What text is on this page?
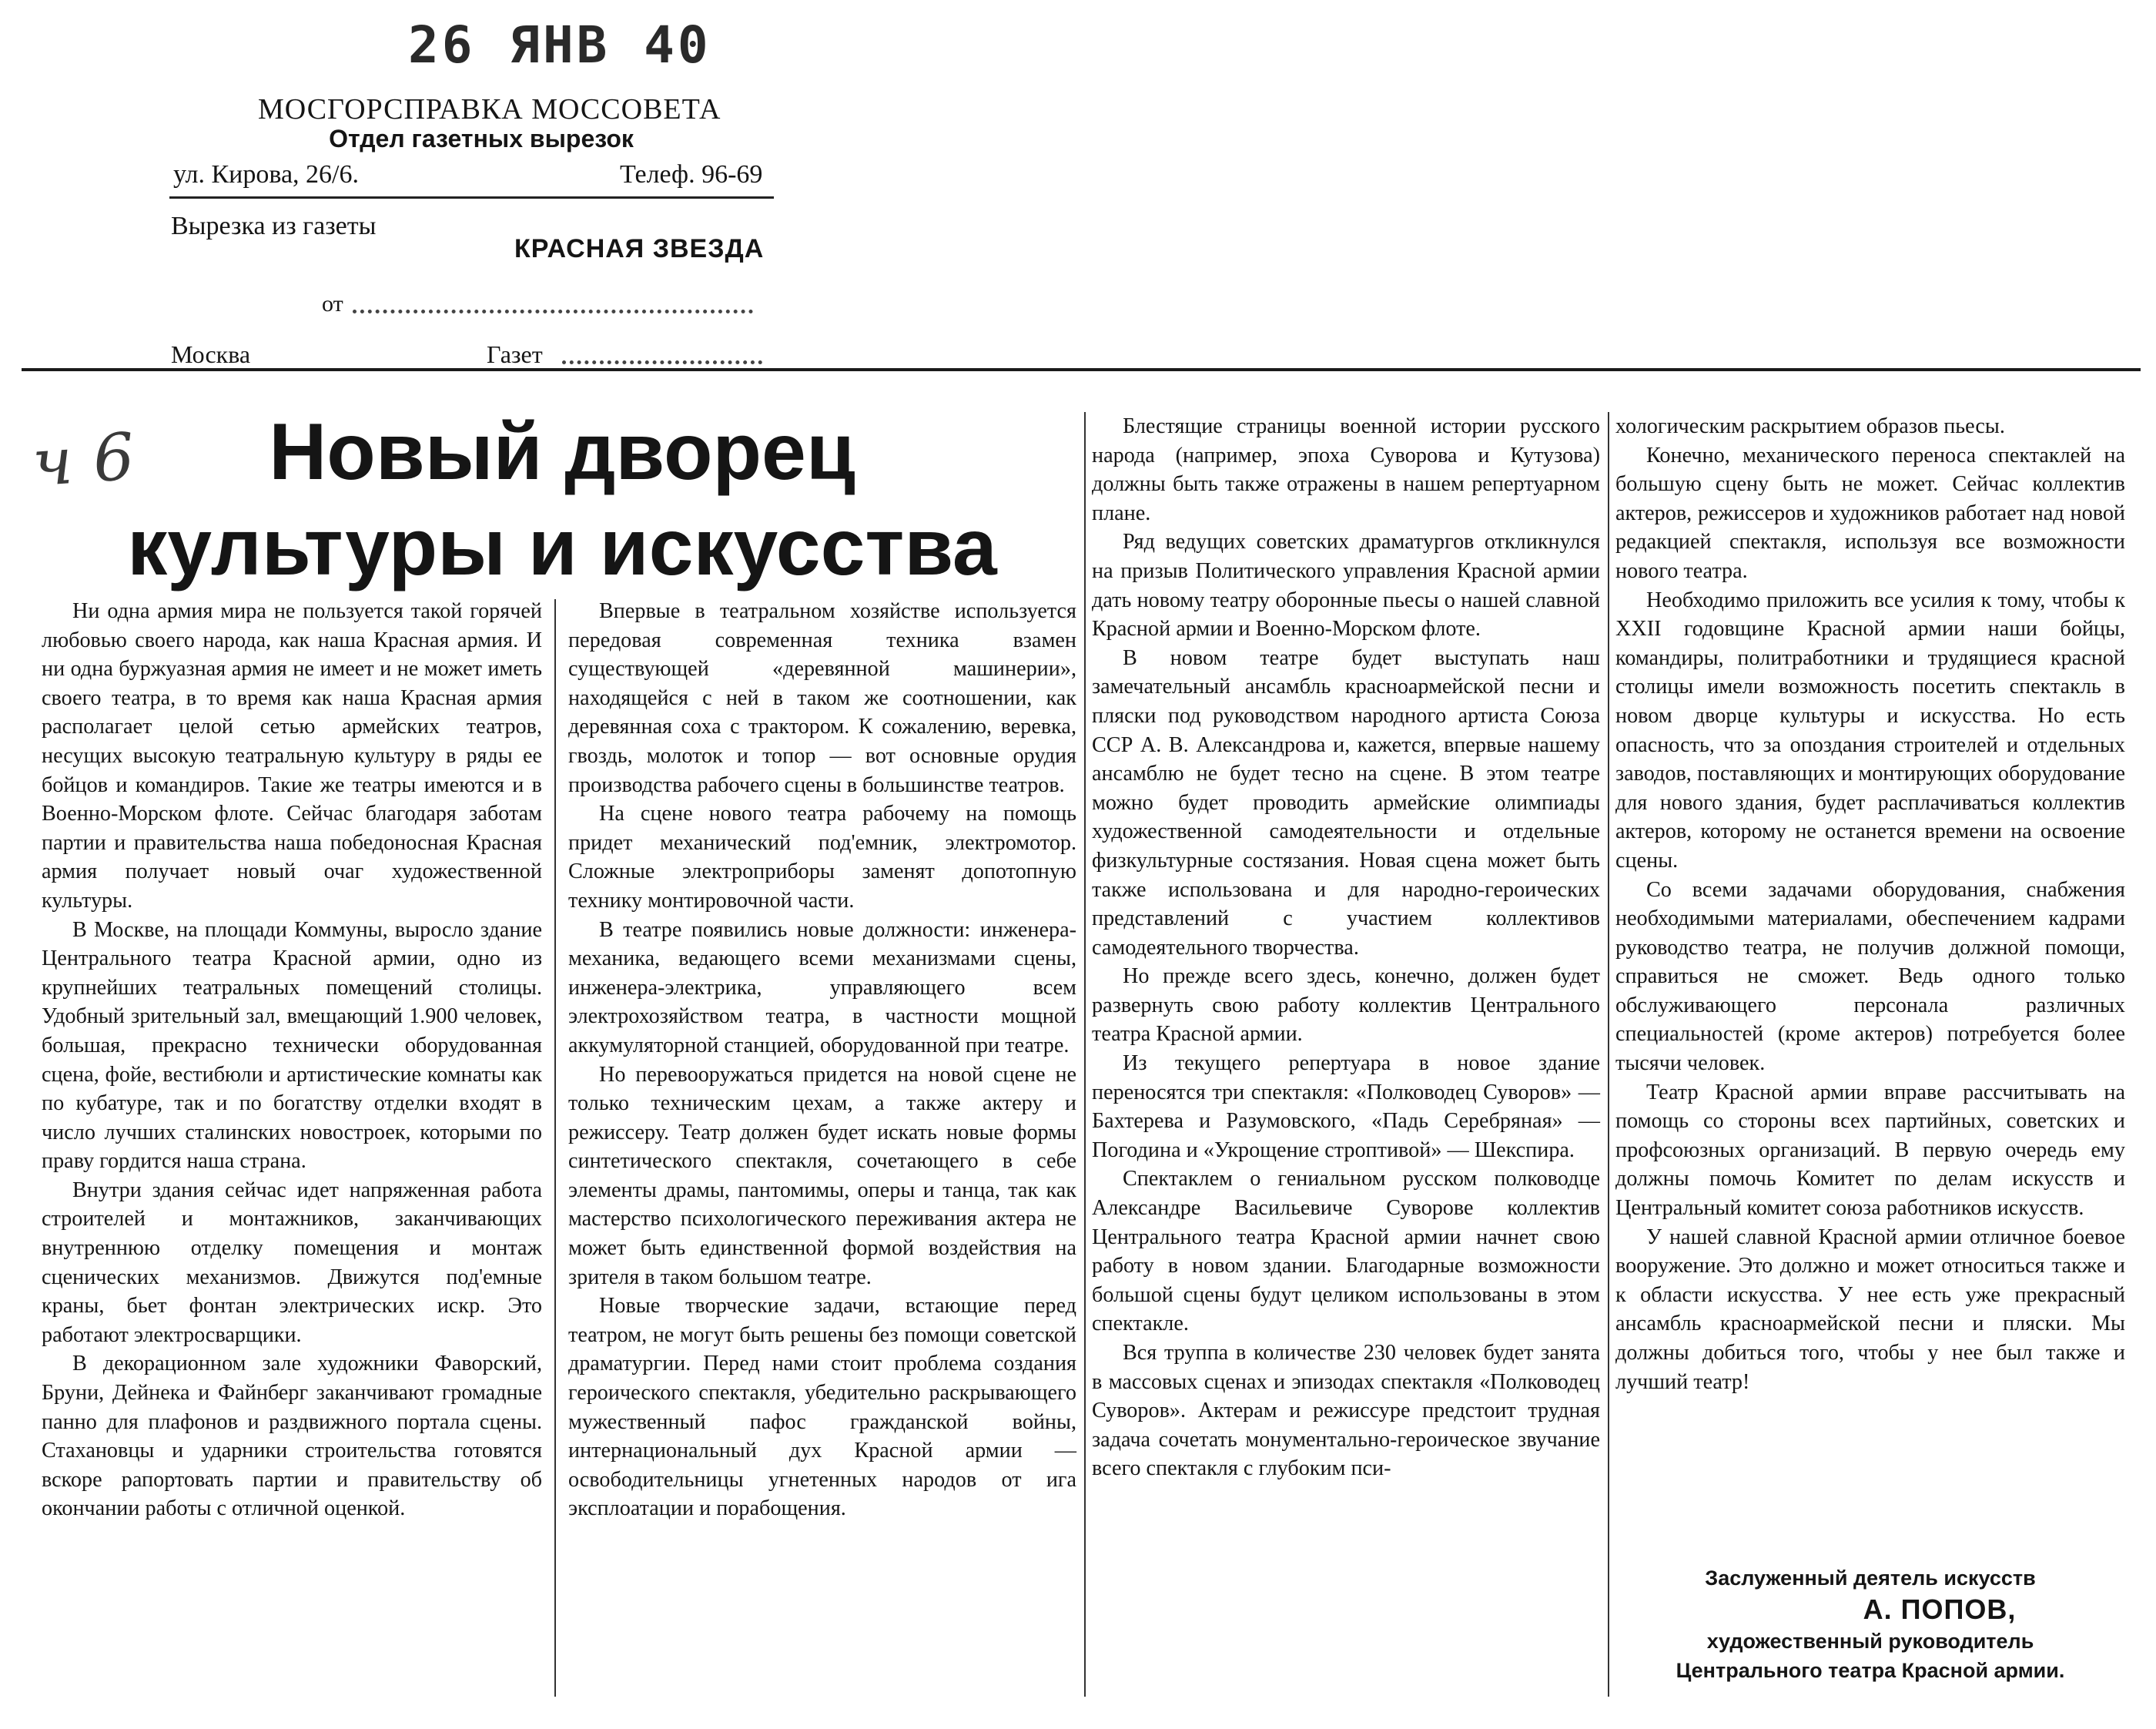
26 ЯНВ 40
МОСГОРСПРАВКА МОССОВЕТА
Отдел газетных вырезок
ул. Кирова, 26/6.	Телеф. 96-69
Вырезка из газеты
КРАСНАЯ ЗВЕЗДА
от
Москва	Газет
ч 6	Новый дворец
культуры и искусства

Ни одна армия мира не пользуется такой горячей любовью своего народа, как наша Красная армия. И ни одна буржуазная армия не имеет и не может иметь своего театра, в то время как наша Красная армия располагает целой сетью армейских театров, несущих высокую театральную культуру в ряды ее бойцов и командиров. Такие же театры имеются и в Военно-Морском флоте. Сейчас благодаря заботам партии и правительства наша победоносная Красная армия получает новый очаг художественной культуры.

В Москве, на площади Коммуны, выросло здание Центрального театра Красной армии, одно из крупнейших театральных помещений столицы. Удобный зрительный зал, вмещающий 1.900 человек, большая, прекрасно технически оборудованная сцена, фойе, вестибюли и артистические комнаты как по кубатуре, так и по богатству отделки входят в число лучших сталинских новостроек, которыми по праву гордится наша страна.

Внутри здания сейчас идет напряженная работа строителей и монтажников, заканчивающих внутреннюю отделку помещения и монтаж сценических механизмов. Движутся под'емные краны, бьет фонтан электрических искр. Это работают электросварщики.

В декорационном зале художники Фаворский, Бруни, Дейнека и Файнберг заканчивают громадные панно для плафонов и раздвижного портала сцены. Стахановцы и ударники строительства готовятся вскоре рапортовать партии и правительству об окончании работы с отличной оценкой.

Впервые в театральном хозяйстве используется передовая современная техника взамен существующей «деревянной машинерии», находящейся с ней в таком же соотношении, как деревянная соха с трактором. К сожалению, веревка, гвоздь, молоток и топор — вот основные орудия производства рабочего сцены в большинстве театров.

На сцене нового театра рабочему на помощь придет механический под'емник, электромотор. Сложные электроприборы заменят допотопную технику монтировочной части.

В театре появились новые должности: инженера-механика, ведающего всеми механизмами сцены, инженера-электрика, управляющего всем электрохозяйством театра, в частности мощной аккумуляторной станцией, оборудованной при театре.

Но перевооружаться придется на новой сцене не только техническим цехам, а также актеру и режиссеру. Театр должен будет искать новые формы синтетического спектакля, сочетающего в себе элементы драмы, пантомимы, оперы и танца, так как мастерство психологического переживания актера не может быть единственной формой воздействия на зрителя в таком большом театре.

Новые творческие задачи, встающие перед театром, не могут быть решены без помощи советской драматургии. Перед нами стоит проблема создания героического спектакля, убедительно раскрывающего мужественный пафос гражданской войны, интернациональный дух Красной армии — освободительницы угнетенных народов от ига эксплоатации и порабощения.

Блестящие страницы военной истории русского народа (например, эпоха Суворова и Кутузова) должны быть также отражены в нашем репертуарном плане.

Ряд ведущих советских драматургов откликнулся на призыв Политического управления Красной армии дать новому театру оборонные пьесы о нашей славной Красной армии и Военно-Морском флоте.

В новом театре будет выступать наш замечательный ансамбль красноармейской песни и пляски под руководством народного артиста Союза ССР А. В. Александрова и, кажется, впервые нашему ансамблю не будет тесно на сцене. В этом театре можно будет проводить армейские олимпиады художественной самодеятельности и отдельные физкультурные состязания. Новая сцена может быть также использована и для народно-героических представлений с участием коллективов самодеятельного творчества.

Но прежде всего здесь, конечно, должен будет развернуть свою работу коллектив Центрального театра Красной армии.

Из текущего репертуара в новое здание переносятся три спектакля: «Полководец Суворов» — Бахтерева и Разумовского, «Падь Серебряная» — Погодина и «Укрощение строптивой» — Шекспира.

Спектаклем о гениальном русском полководце Александре Васильевиче Суворове коллектив Центрального театра Красной армии начнет свою работу в новом здании. Благодарные возможности большой сцены будут целиком использованы в этом спектакле.

Вся труппа в количестве 230 человек будет занята в массовых сценах и эпизодах спектакля «Полководец Суворов». Актерам и режиссуре предстоит трудная задача сочетать монументально-героическое звучание всего спектакля с глубоким пси-

хологическим раскрытием образов пьесы.

Конечно, механического переноса спектаклей на большую сцену быть не может. Сейчас коллектив актеров, режиссеров и художников работает над новой редакцией спектакля, используя все возможности нового театра.

Необходимо приложить все усилия к тому, чтобы к XXII годовщине Красной армии наши бойцы, командиры, политработники и трудящиеся красной столицы имели возможность посетить спектакль в новом дворце культуры и искусства. Но есть опасность, что за опоздания строителей и отдельных заводов, поставляющих и монтирующих оборудование для нового здания, будет расплачиваться коллектив актеров, которому не останется времени на освоение сцены.

Со всеми задачами оборудования, снабжения необходимыми материалами, обеспечением кадрами руководство театра, не получив должной помощи, справиться не сможет. Ведь одного только обслуживающего персонала различных специальностей (кроме актеров) потребуется более тысячи человек.

Театр Красной армии вправе рассчитывать на помощь со стороны всех партийных, советских и профсоюзных организаций. В первую очередь ему должны помочь Комитет по делам искусств и Центральный комитет союза работников искусств.

У нашей славной Красной армии отличное боевое вооружение. Это должно и может относиться также и к области искусства. У нее есть уже прекрасный ансамбль красноармейской песни и пляски. Мы должны добиться того, чтобы у нее был также и лучший театр!

Заслуженный деятель искусств
А. ПОПОВ,
художественный руководитель
Центрального театра Красной армии.
